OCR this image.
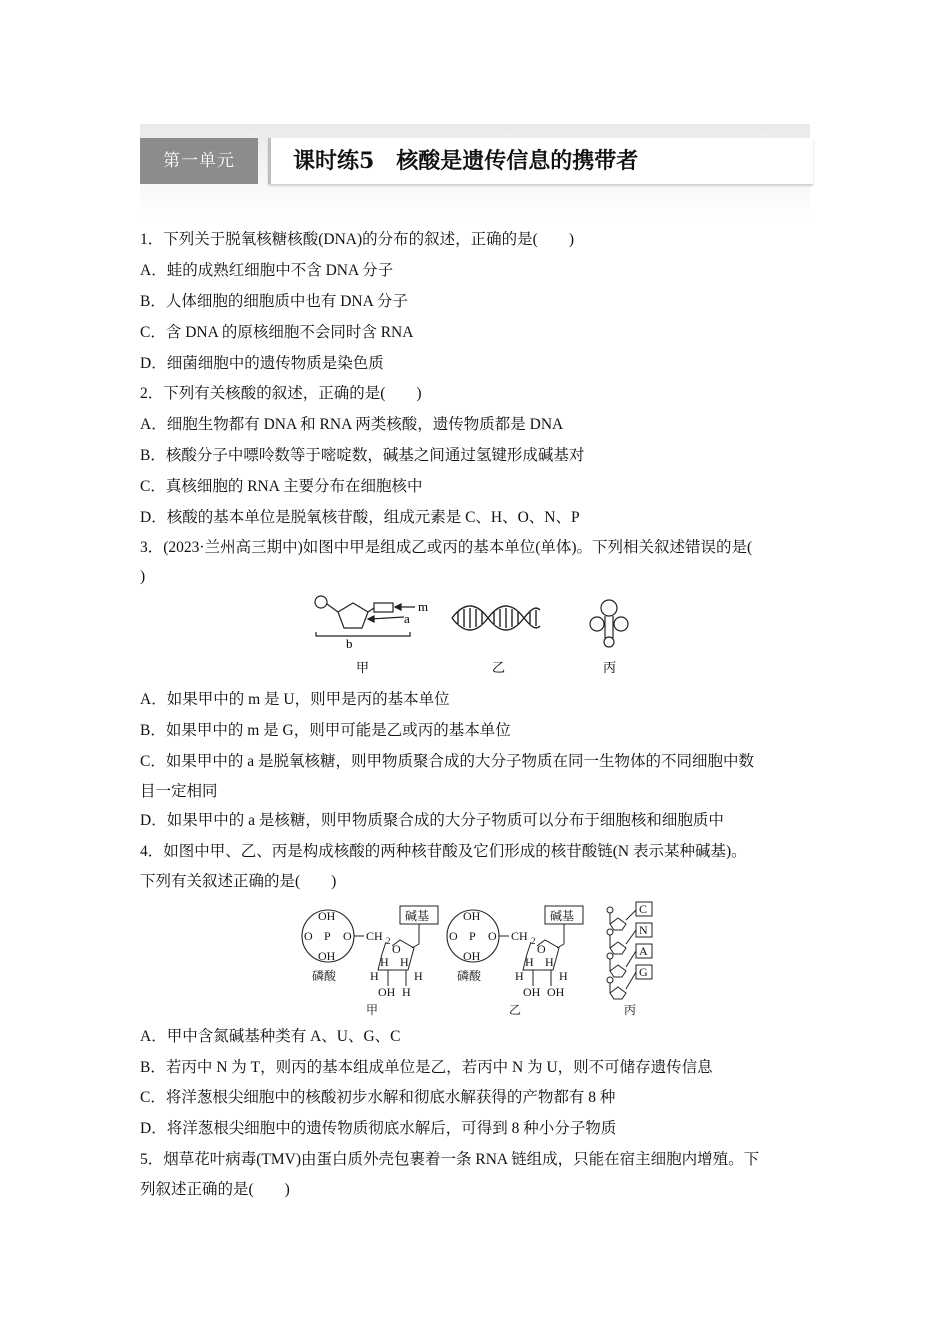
第一单元	课时练5　核酸是遗传信息的携带者
1．下列关于脱氧核糖核酸(DNA)的分布的叙述，正确的是(　　)
A．蛙的成熟红细胞中不含 DNA 分子
B．人体细胞的细胞质中也有 DNA 分子
C．含 DNA 的原核细胞不会同时含 RNA
D．细菌细胞中的遗传物质是染色质
2．下列有关核酸的叙述，正确的是(　　)
A．细胞生物都有 DNA 和 RNA 两类核酸，遗传物质都是 DNA
B．核酸分子中嘌呤数等于嘧啶数，碱基之间通过氢键形成碱基对
C．真核细胞的 RNA 主要分布在细胞核中
D．核酸的基本单位是脱氧核苷酸，组成元素是 C、H、O、N、P
3．(2023·兰州高三期中)如图中甲是组成乙或丙的基本单位(单体)。下列相关叙述错误的是(
)
m
a
b
甲	乙	丙
A．如果甲中的 m 是 U，则甲是丙的基本单位
B．如果甲中的 m 是 G，则甲可能是乙或丙的基本单位
C．如果甲中的 a 是脱氧核糖，则甲物质聚合成的大分子物质在同一生物体的不同细胞中数
目一定相同
D．如果甲中的 a 是核糖，则甲物质聚合成的大分子物质可以分布于细胞核和细胞质中
4．如图中甲、乙、丙是构成核酸的两种核苷酸及它们形成的核苷酸链(N 表示某种碱基)。
下列有关叙述正确的是(　　)
OH
O P O
OH
CH 2
O
碱基
H	H
H H
OH H
磷酸
甲
OH
O P O
OH
CH 2
O
碱基
H	H
H H
OH OH
磷酸
乙
C
N
A
G
丙
A．甲中含氮碱基种类有 A、U、G、C
B．若丙中 N 为 T，则丙的基本组成单位是乙，若丙中 N 为 U，则不可储存遗传信息
C．将洋葱根尖细胞中的核酸初步水解和彻底水解获得的产物都有 8 种
D．将洋葱根尖细胞中的遗传物质彻底水解后，可得到 8 种小分子物质
5．烟草花叶病毒(TMV)由蛋白质外壳包裹着一条 RNA 链组成，只能在宿主细胞内增殖。下
列叙述正确的是(　　)
